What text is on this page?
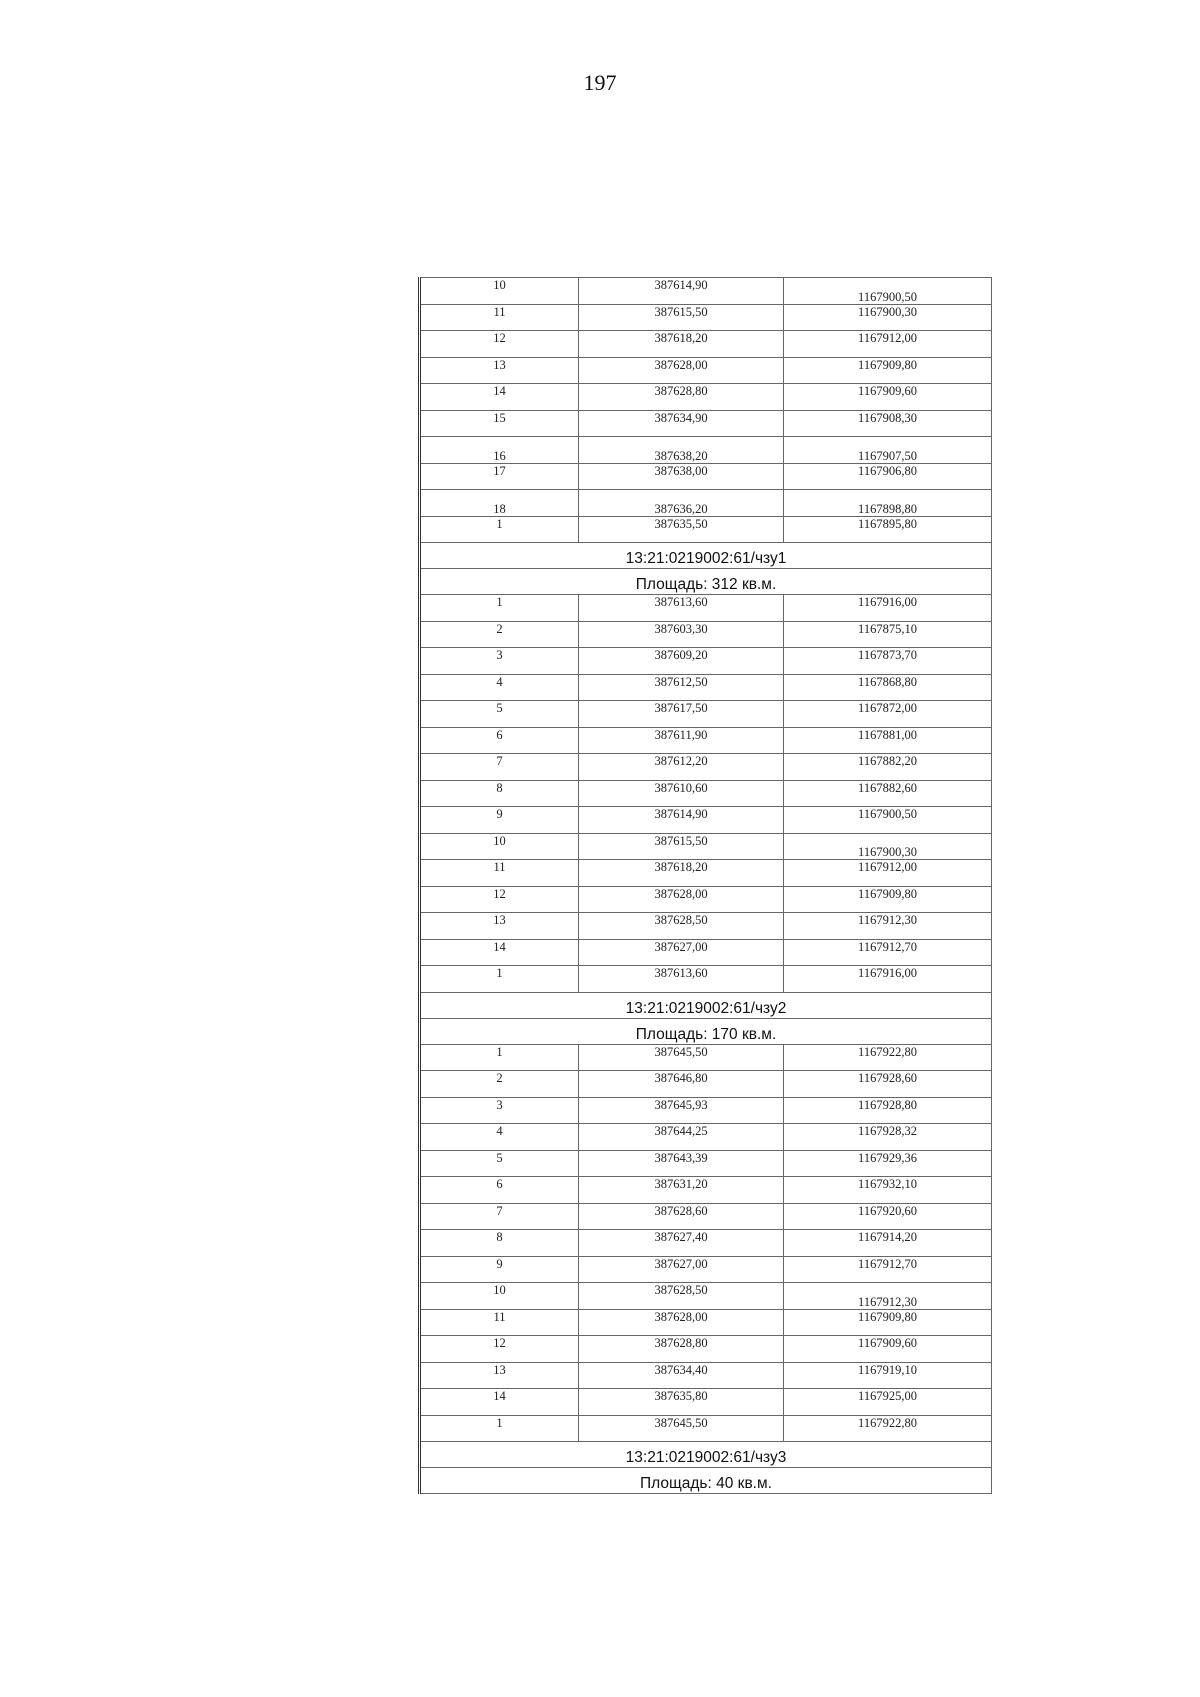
197
10	387614,90	1167900,50
11	387615,50	1167900,30
12	387618,20	1167912,00
13	387628,00	1167909,80
14	387628,80	1167909,60
15	387634,90	1167908,30
16	387638,20	1167907,50
17	387638,00	1167906,80
18	387636,20	1167898,80
1	387635,50	1167895,80
13:21:0219002:61/чзу1		
Площадь: 312 кв.м.		
1	387613,60	1167916,00
2	387603,30	1167875,10
3	387609,20	1167873,70
4	387612,50	1167868,80
5	387617,50	1167872,00
6	387611,90	1167881,00
7	387612,20	1167882,20
8	387610,60	1167882,60
9	387614,90	1167900,50
10	387615,50	1167900,30
11	387618,20	1167912,00
12	387628,00	1167909,80
13	387628,50	1167912,30
14	387627,00	1167912,70
1	387613,60	1167916,00
13:21:0219002:61/чзу2		
Площадь: 170 кв.м.		
1	387645,50	1167922,80
2	387646,80	1167928,60
3	387645,93	1167928,80
4	387644,25	1167928,32
5	387643,39	1167929,36
6	387631,20	1167932,10
7	387628,60	1167920,60
8	387627,40	1167914,20
9	387627,00	1167912,70
10	387628,50	1167912,30
11	387628,00	1167909,80
12	387628,80	1167909,60
13	387634,40	1167919,10
14	387635,80	1167925,00
1	387645,50	1167922,80
13:21:0219002:61/чзу3		
Площадь: 40 кв.м.		
